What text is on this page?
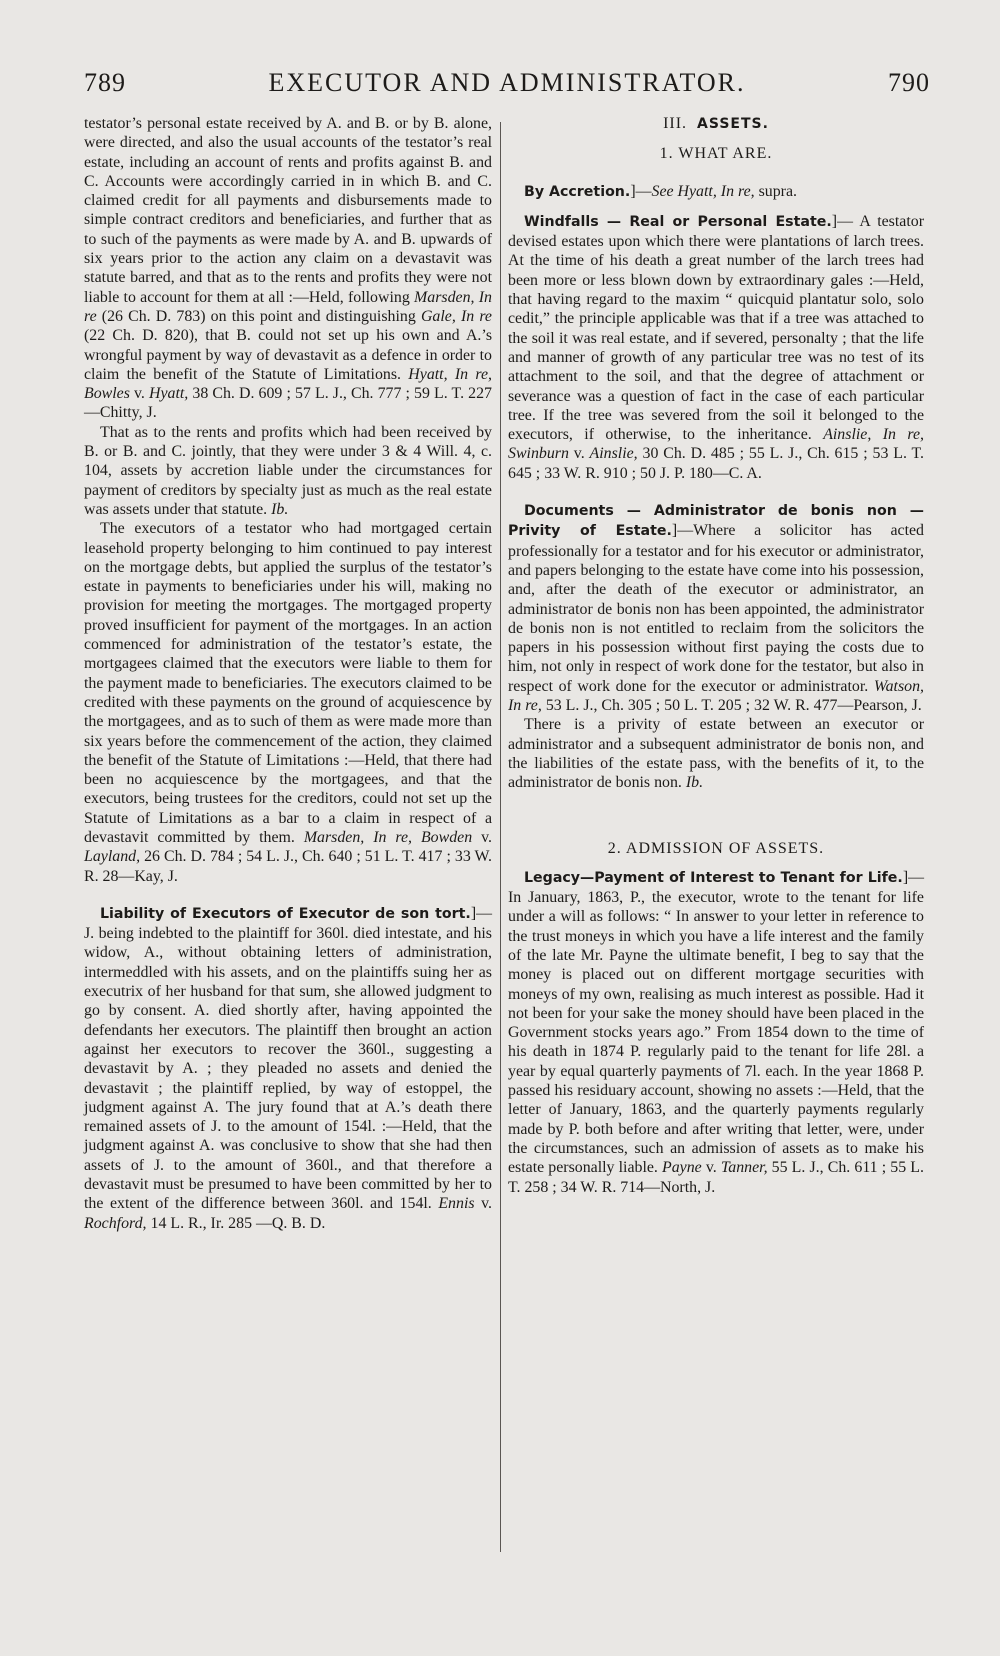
789	EXECUTOR AND ADMINISTRATOR.	790

testator’s personal estate received by A. and B. or by B. alone, were directed, and also the usual accounts of the testator’s real estate, including an account of rents and profits against B. and C. Accounts were accordingly carried in in which B. and C. claimed credit for all payments and disbursements made to simple contract creditors and beneficiaries, and further that as to such of the payments as were made by A. and B. upwards of six years prior to the action any claim on a devastavit was statute barred, and that as to the rents and profits they were not liable to account for them at all :—Held, following Marsden, In re (26 Ch. D. 783) on this point and distinguishing Gale, In re (22 Ch. D. 820), that B. could not set up his own and A.’s wrongful payment by way of devastavit as a defence in order to claim the benefit of the Statute of Limitations. Hyatt, In re, Bowles v. Hyatt, 38 Ch. D. 609 ; 57 L. J., Ch. 777 ; 59 L. T. 227—Chitty, J.

That as to the rents and profits which had been received by B. or B. and C. jointly, that they were under 3 & 4 Will. 4, c. 104, assets by accretion liable under the circumstances for payment of creditors by specialty just as much as the real estate was assets under that statute. Ib.

The executors of a testator who had mortgaged certain leasehold property belonging to him continued to pay interest on the mortgage debts, but applied the surplus of the testator’s estate in payments to beneficiaries under his will, making no provision for meeting the mortgages. The mortgaged property proved insufficient for payment of the mortgages. In an action commenced for administration of the testator’s estate, the mortgagees claimed that the executors were liable to them for the payment made to beneficiaries. The executors claimed to be credited with these payments on the ground of acquiescence by the mortgagees, and as to such of them as were made more than six years before the commencement of the action, they claimed the benefit of the Statute of Limitations :—Held, that there had been no acquiescence by the mortgagees, and that the executors, being trustees for the creditors, could not set up the Statute of Limitations as a bar to a claim in respect of a devastavit committed by them. Marsden, In re, Bowden v. Layland, 26 Ch. D. 784 ; 54 L. J., Ch. 640 ; 51 L. T. 417 ; 33 W. R. 28—Kay, J.

Liability of Executors of Executor de son tort.]—J. being indebted to the plaintiff for 360l. died intestate, and his widow, A., without obtaining letters of administration, intermeddled with his assets, and on the plaintiffs suing her as executrix of her husband for that sum, she allowed judgment to go by consent. A. died shortly after, having appointed the defendants her executors. The plaintiff then brought an action against her executors to recover the 360l., suggesting a devastavit by A. ; they pleaded no assets and denied the devastavit ; the plaintiff replied, by way of estoppel, the judgment against A. The jury found that at A.’s death there remained assets of J. to the amount of 154l. :—Held, that the judgment against A. was conclusive to show that she had then assets of J. to the amount of 360l., and that therefore a devastavit must be presumed to have been committed by her to the extent of the difference between 360l. and 154l. Ennis v. Rochford, 14 L. R., Ir. 285 —Q. B. D.

III. ASSETS.

1. WHAT ARE.

By Accretion.]—See Hyatt, In re, supra.

Windfalls — Real or Personal Estate.]— A testator devised estates upon which there were plantations of larch trees. At the time of his death a great number of the larch trees had been more or less blown down by extraordinary gales :—Held, that having regard to the maxim “ quicquid plantatur solo, solo cedit,” the principle applicable was that if a tree was attached to the soil it was real estate, and if severed, personalty ; that the life and manner of growth of any particular tree was no test of its attachment to the soil, and that the degree of attachment or severance was a question of fact in the case of each particular tree. If the tree was severed from the soil it belonged to the executors, if otherwise, to the inheritance. Ainslie, In re, Swinburn v. Ainslie, 30 Ch. D. 485 ; 55 L. J., Ch. 615 ; 53 L. T. 645 ; 33 W. R. 910 ; 50 J. P. 180—C. A.

Documents — Administrator de bonis non — Privity of Estate.]—Where a solicitor has acted professionally for a testator and for his executor or administrator, and papers belonging to the estate have come into his possession, and, after the death of the executor or administrator, an administrator de bonis non has been appointed, the administrator de bonis non is not entitled to reclaim from the solicitors the papers in his possession without first paying the costs due to him, not only in respect of work done for the testator, but also in respect of work done for the executor or administrator. Watson, In re, 53 L. J., Ch. 305 ; 50 L. T. 205 ; 32 W. R. 477—Pearson, J.

There is a privity of estate between an executor or administrator and a subsequent administrator de bonis non, and the liabilities of the estate pass, with the benefits of it, to the administrator de bonis non. Ib.

2. ADMISSION OF ASSETS.

Legacy—Payment of Interest to Tenant for Life.]—In January, 1863, P., the executor, wrote to the tenant for life under a will as follows: “ In answer to your letter in reference to the trust moneys in which you have a life interest and the family of the late Mr. Payne the ultimate benefit, I beg to say that the money is placed out on different mortgage securities with moneys of my own, realising as much interest as possible. Had it not been for your sake the money should have been placed in the Government stocks years ago.” From 1854 down to the time of his death in 1874 P. regularly paid to the tenant for life 28l. a year by equal quarterly payments of 7l. each. In the year 1868 P. passed his residuary account, showing no assets :—Held, that the letter of January, 1863, and the quarterly payments regularly made by P. both before and after writing that letter, were, under the circumstances, such an admission of assets as to make his estate personally liable. Payne v. Tanner, 55 L. J., Ch. 611 ; 55 L. T. 258 ; 34 W. R. 714—North, J.
